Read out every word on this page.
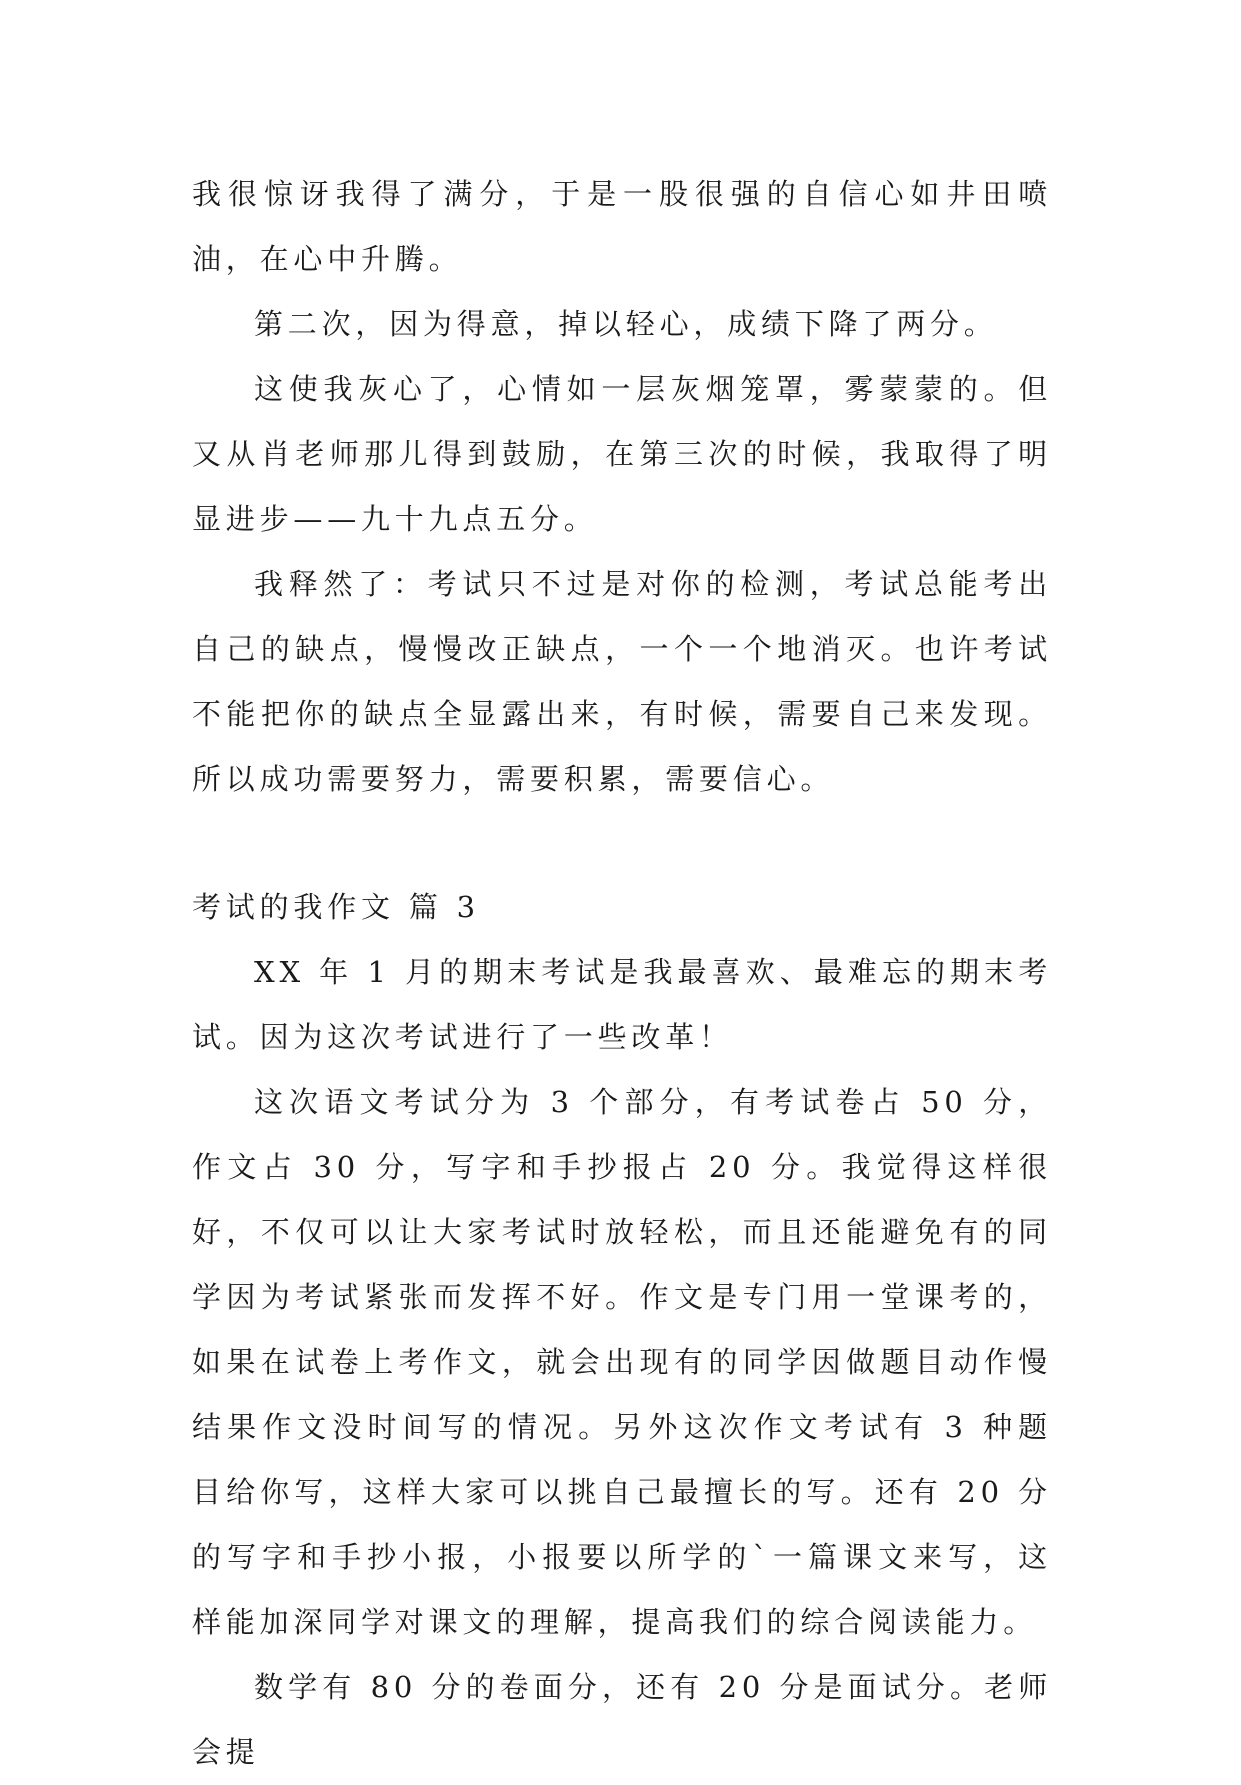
我很惊讶我得了满分，于是一股很强的自信心如井田喷油，在心中升腾。

第二次，因为得意，掉以轻心，成绩下降了两分。

这使我灰心了，心情如一层灰烟笼罩，雾蒙蒙的。但又从肖老师那儿得到鼓励，在第三次的时候，我取得了明显进步——九十九点五分。

我释然了：考试只不过是对你的检测，考试总能考出自己的缺点，慢慢改正缺点，一个一个地消灭。也许考试不能把你的缺点全显露出来，有时候，需要自己来发现。所以成功需要努力，需要积累，需要信心。

考试的我作文 篇 3

XX 年 1 月的期末考试是我最喜欢、最难忘的期末考试。因为这次考试进行了一些改革！

这次语文考试分为 3 个部分，有考试卷占 50 分，作文占 30 分，写字和手抄报占 20 分。我觉得这样很好，不仅可以让大家考试时放轻松，而且还能避免有的同学因为考试紧张而发挥不好。作文是专门用一堂课考的，如果在试卷上考作文，就会出现有的同学因做题目动作慢结果作文没时间写的情况。另外这次作文考试有 3 种题目给你写，这样大家可以挑自己最擅长的写。还有 20 分的写字和手抄小报，小报要以所学的`一篇课文来写，这样能加深同学对课文的理解，提高我们的综合阅读能力。

数学有 80 分的卷面分，还有 20 分是面试分。老师会提
